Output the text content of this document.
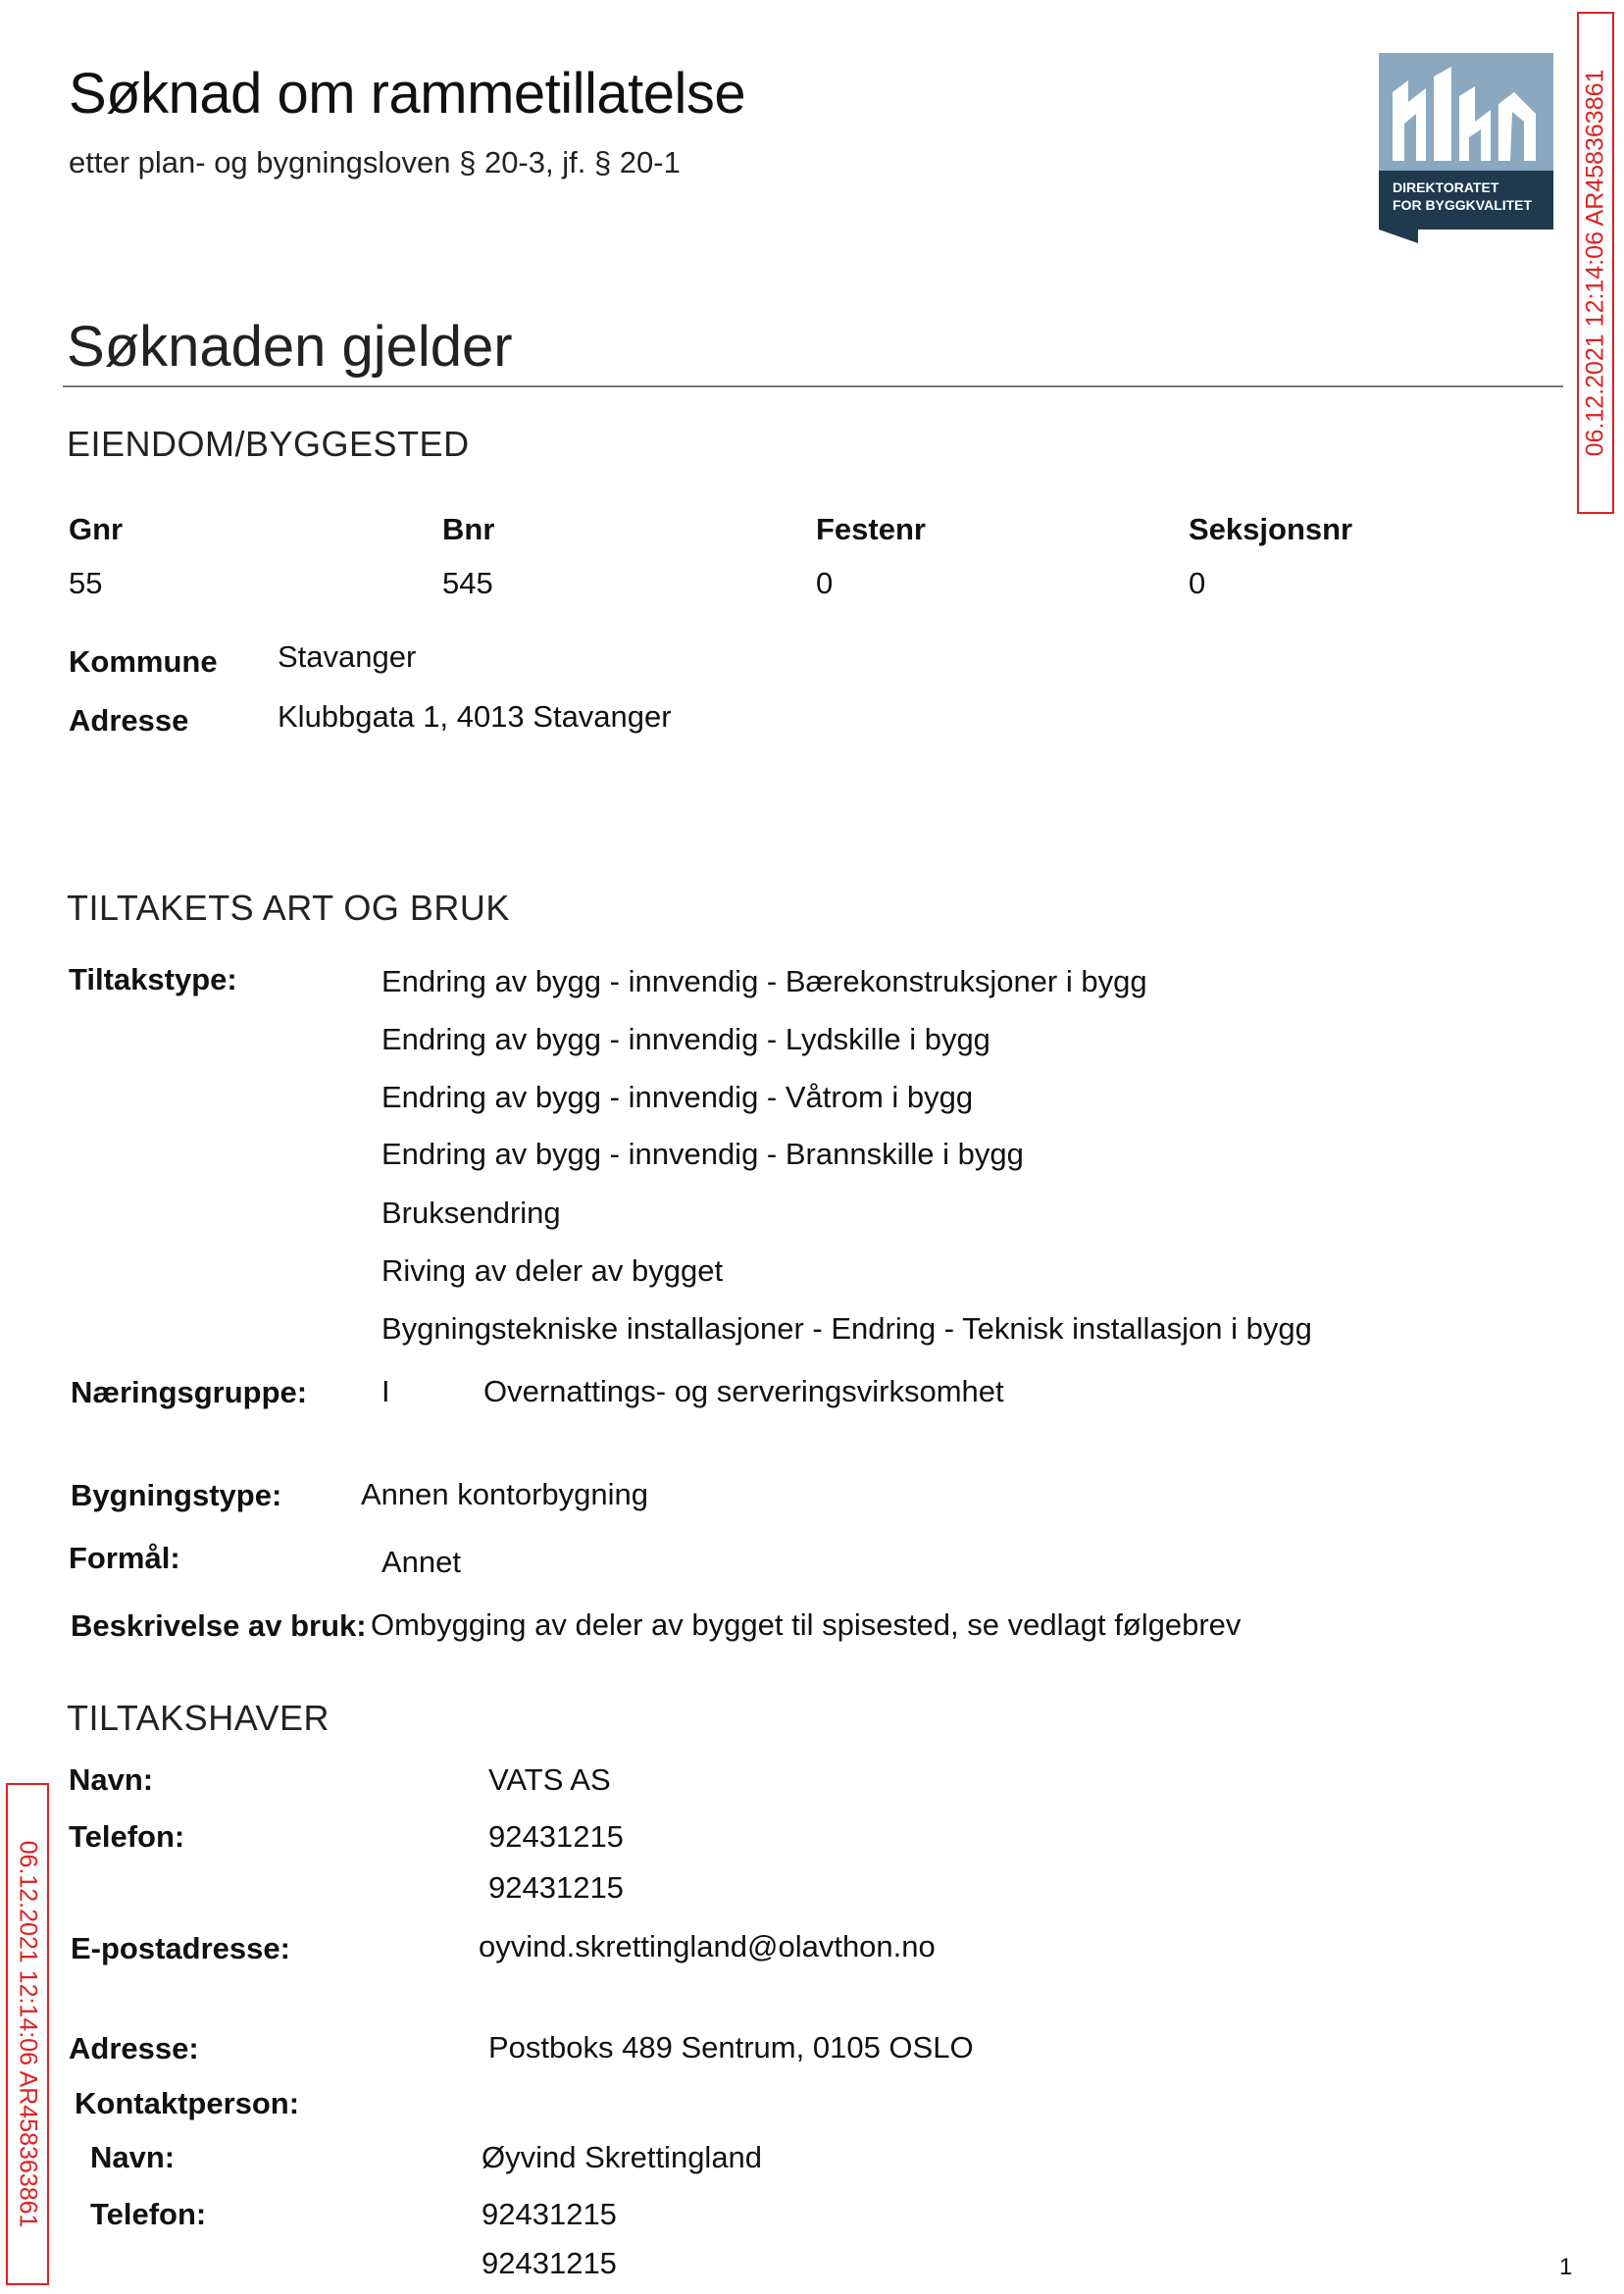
Søknad om rammetillatelse
etter plan- og bygningsloven § 20-3, jf. § 20-1
DIREKTORATET
FOR BYGGKVALITET 06.12.2021 12:14:06 AR458363861
06.12.2021 12:14:06 AR458363861
Søknaden gjelder
EIENDOM/BYGGESTED
Gnr	Bnr	Festenr	Seksjonsnr
55	545	0	0
Kommune Stavanger
Adresse	Klubbgata 1, 4013 Stavanger
TILTAKETS ART OG BRUK
Tiltakstype:	Endring av bygg - innvendig - Bærekonstruksjoner i bygg
Endring av bygg - innvendig - Lydskille i bygg
Endring av bygg - innvendig - Våtrom i bygg
Endring av bygg - innvendig - Brannskille i bygg
Bruksendring
Riving av deler av bygget
Bygningstekniske installasjoner - Endring - Teknisk installasjon i bygg
Næringsgruppe: I	Overnattings- og serveringsvirksomhet
Bygningstype:	Annen kontorbygning
Formål:	Annet
Beskrivelse av bruk: Ombygging av deler av bygget til spisested, se vedlagt følgebrev
TILTAKSHAVER
Navn:	VATS AS
Telefon:	92431215
92431215
E-postadresse:	oyvind.skrettingland@olavthon.no
Adresse:	Postboks 489 Sentrum, 0105 OSLO
Kontaktperson:
Navn:	Øyvind Skrettingland
Telefon:	92431215
92431215	1
